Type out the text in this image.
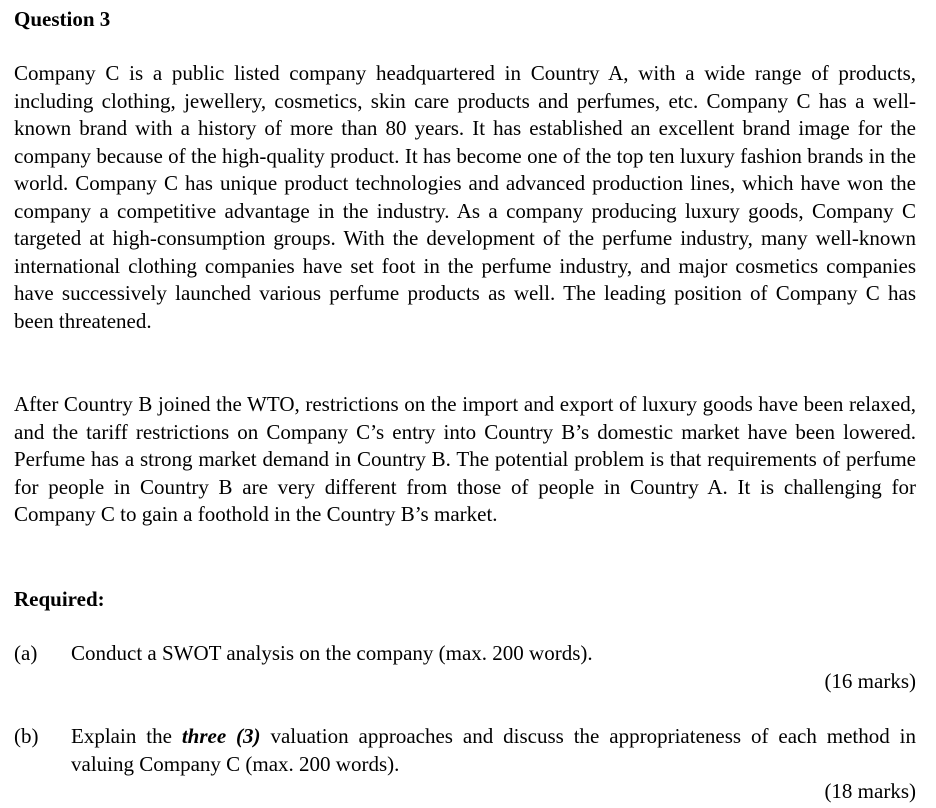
Question 3

Company C is a public listed company headquartered in Country A, with a wide range of products, including clothing, jewellery, cosmetics, skin care products and perfumes, etc. Company C has a well-known brand with a history of more than 80 years. It has established an excellent brand image for the company because of the high-quality product. It has become one of the top ten luxury fashion brands in the world. Company C has unique product technologies and advanced production lines, which have won the company a competitive advantage in the industry. As a company producing luxury goods, Company C targeted at high-consumption groups. With the development of the perfume industry, many well-known international clothing companies have set foot in the perfume industry, and major cosmetics companies have successively launched various perfume products as well. The leading position of Company C has been threatened.

After Country B joined the WTO, restrictions on the import and export of luxury goods have been relaxed, and the tariff restrictions on Company C’s entry into Country B’s domestic market have been lowered. Perfume has a strong market demand in Country B. The potential problem is that requirements of perfume for people in Country B are very different from those of people in Country A. It is challenging for Company C to gain a foothold in the Country B’s market.

Required:
(a) Conduct a SWOT analysis on the company (max. 200 words).

(16 marks)
(b) Explain the three (3) valuation approaches and discuss the appropriateness of each method in valuing Company C (max. 200 words).

(18 marks)
